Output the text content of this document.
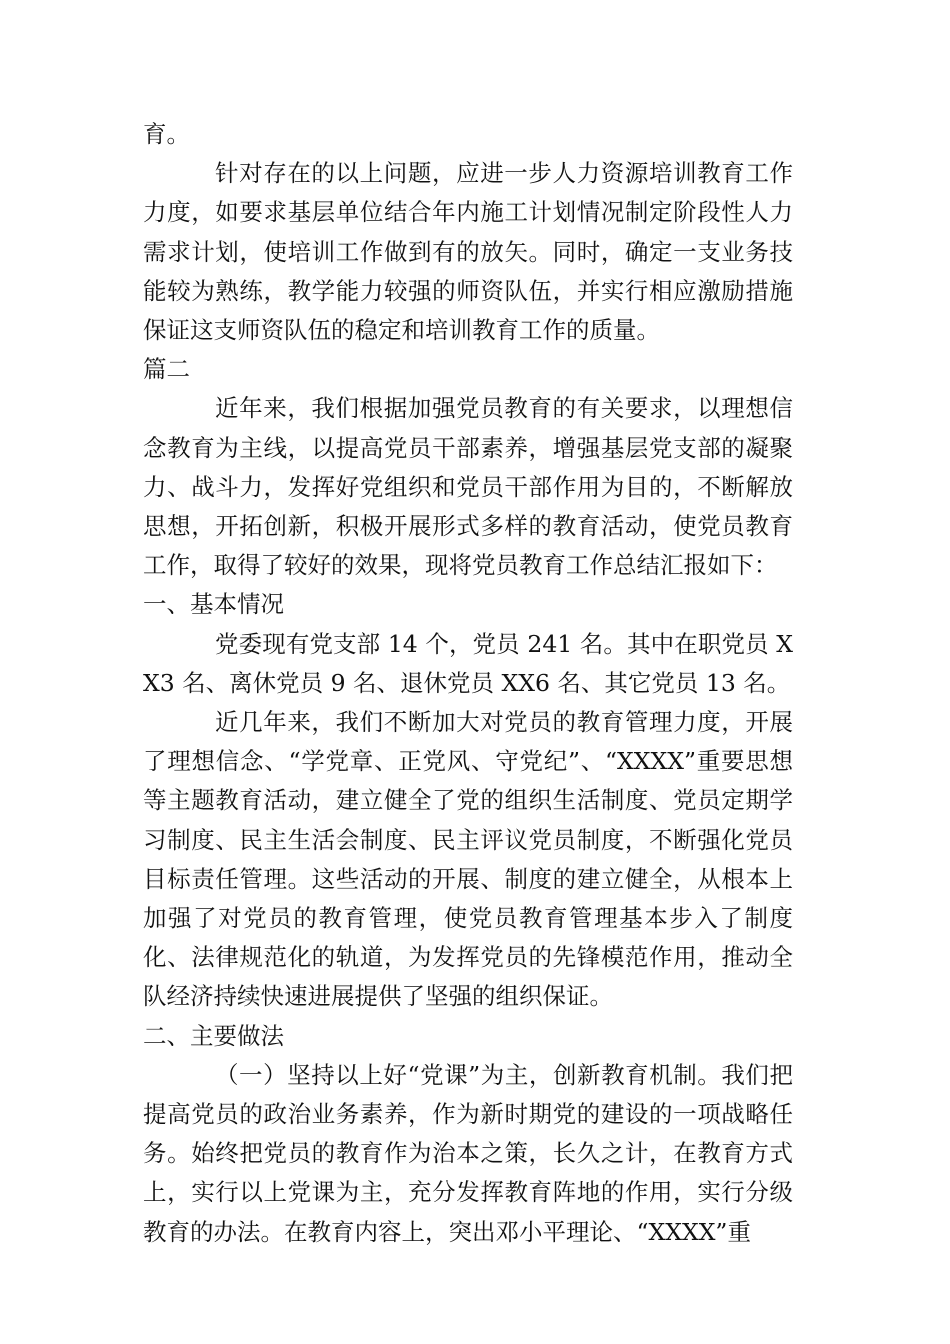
育。

针对存在的以上问题，应进一步人力资源培训教育工作力度，如要求基层单位结合年内施工计划情况制定阶段性人力需求计划，使培训工作做到有的放矢。同时，确定一支业务技能较为熟练，教学能力较强的师资队伍，并实行相应激励措施保证这支师资队伍的稳定和培训教育工作的质量。

篇二

近年来，我们根据加强党员教育的有关要求，以理想信念教育为主线，以提高党员干部素养，增强基层党支部的凝聚力、战斗力，发挥好党组织和党员干部作用为目的，不断解放思想，开拓创新，积极开展形式多样的教育活动，使党员教育工作，取得了较好的效果，现将党员教育工作总结汇报如下：

一、基本情况

党委现有党支部 14 个，党员 241 名。其中在职党员 XX3 名、离休党员 9 名、退休党员 XX6 名、其它党员 13 名。

近几年来，我们不断加大对党员的教育管理力度，开展了理想信念、“学党章、正党风、守党纪”、“XXXX”重要思想等主题教育活动，建立健全了党的组织生活制度、党员定期学习制度、民主生活会制度、民主评议党员制度，不断强化党员目标责任管理。这些活动的开展、制度的建立健全，从根本上加强了对党员的教育管理，使党员教育管理基本步入了制度化、法律规范化的轨道，为发挥党员的先锋模范作用，推动全队经济持续快速进展提供了坚强的组织保证。

二、主要做法

（一）坚持以上好“党课”为主，创新教育机制。我们把提高党员的政治业务素养，作为新时期党的建设的一项战略任务。始终把党员的教育作为治本之策，长久之计，在教育方式上，实行以上党课为主，充分发挥教育阵地的作用，实行分级教育的办法。在教育内容上，突出邓小平理论、“XXXX”重
